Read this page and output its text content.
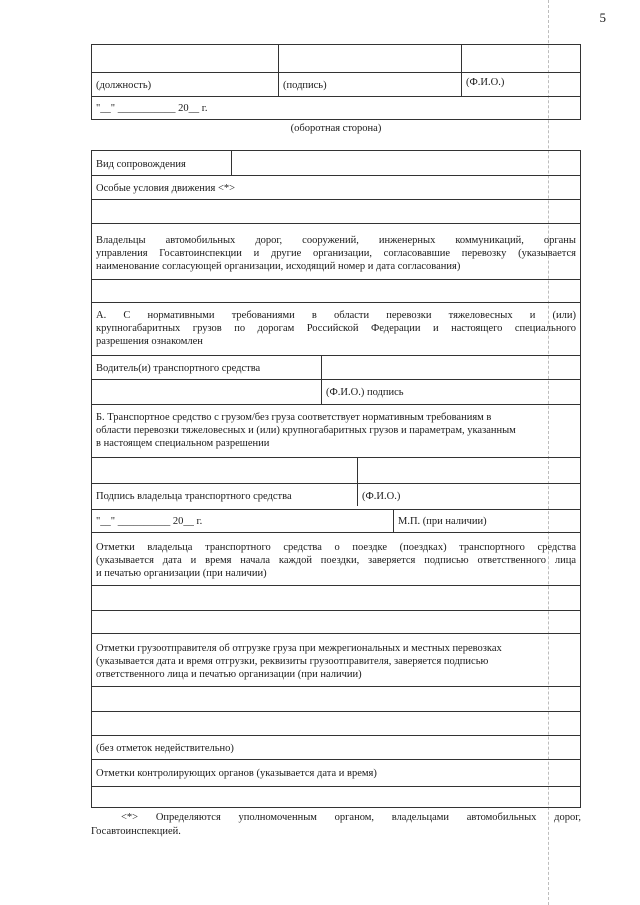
5
(должность)	(подпись)	(Ф.И.О.)
"__" ___________ 20__ г.
(оборотная сторона)
Вид сопровождения
Особые условия движения <*>
Владельцы автомобильных дорог, сооружений, инженерных коммуникаций, органы
управления Госавтоинспекции и другие организации, согласовавшие перевозку (указывается
наименование согласующей организации, исходящий номер и дата согласования)
А. С нормативными требованиями в области перевозки тяжеловесных и (или)
крупногабаритных грузов по дорогам Российской Федерации и настоящего специального
разрешения ознакомлен
Водитель(и) транспортного средства
(Ф.И.О.) подпись
Б. Транспортное средство с грузом/без груза соответствует нормативным требованиям в
области перевозки тяжеловесных и (или) крупногабаритных грузов и параметрам, указанным
в настоящем специальном разрешении
Подпись владельца транспортного средства	(Ф.И.О.)
"__" __________ 20__ г.	М.П. (при наличии)
Отметки владельца транспортного средства о поездке (поездках) транспортного средства
(указывается дата и время начала каждой поездки, заверяется подписью ответственного лица
и печатью организации (при наличии)
Отметки грузоотправителя об отгрузке груза при межрегиональных и местных перевозках
(указывается дата и время отгрузки, реквизиты грузоотправителя, заверяется подписью
ответственного лица и печатью организации (при наличии)
(без отметок недействительно)
Отметки контролирующих органов (указывается дата и время)
<*> Определяются уполномоченным органом, владельцами автомобильных дорог,
Госавтоинспекцией.
